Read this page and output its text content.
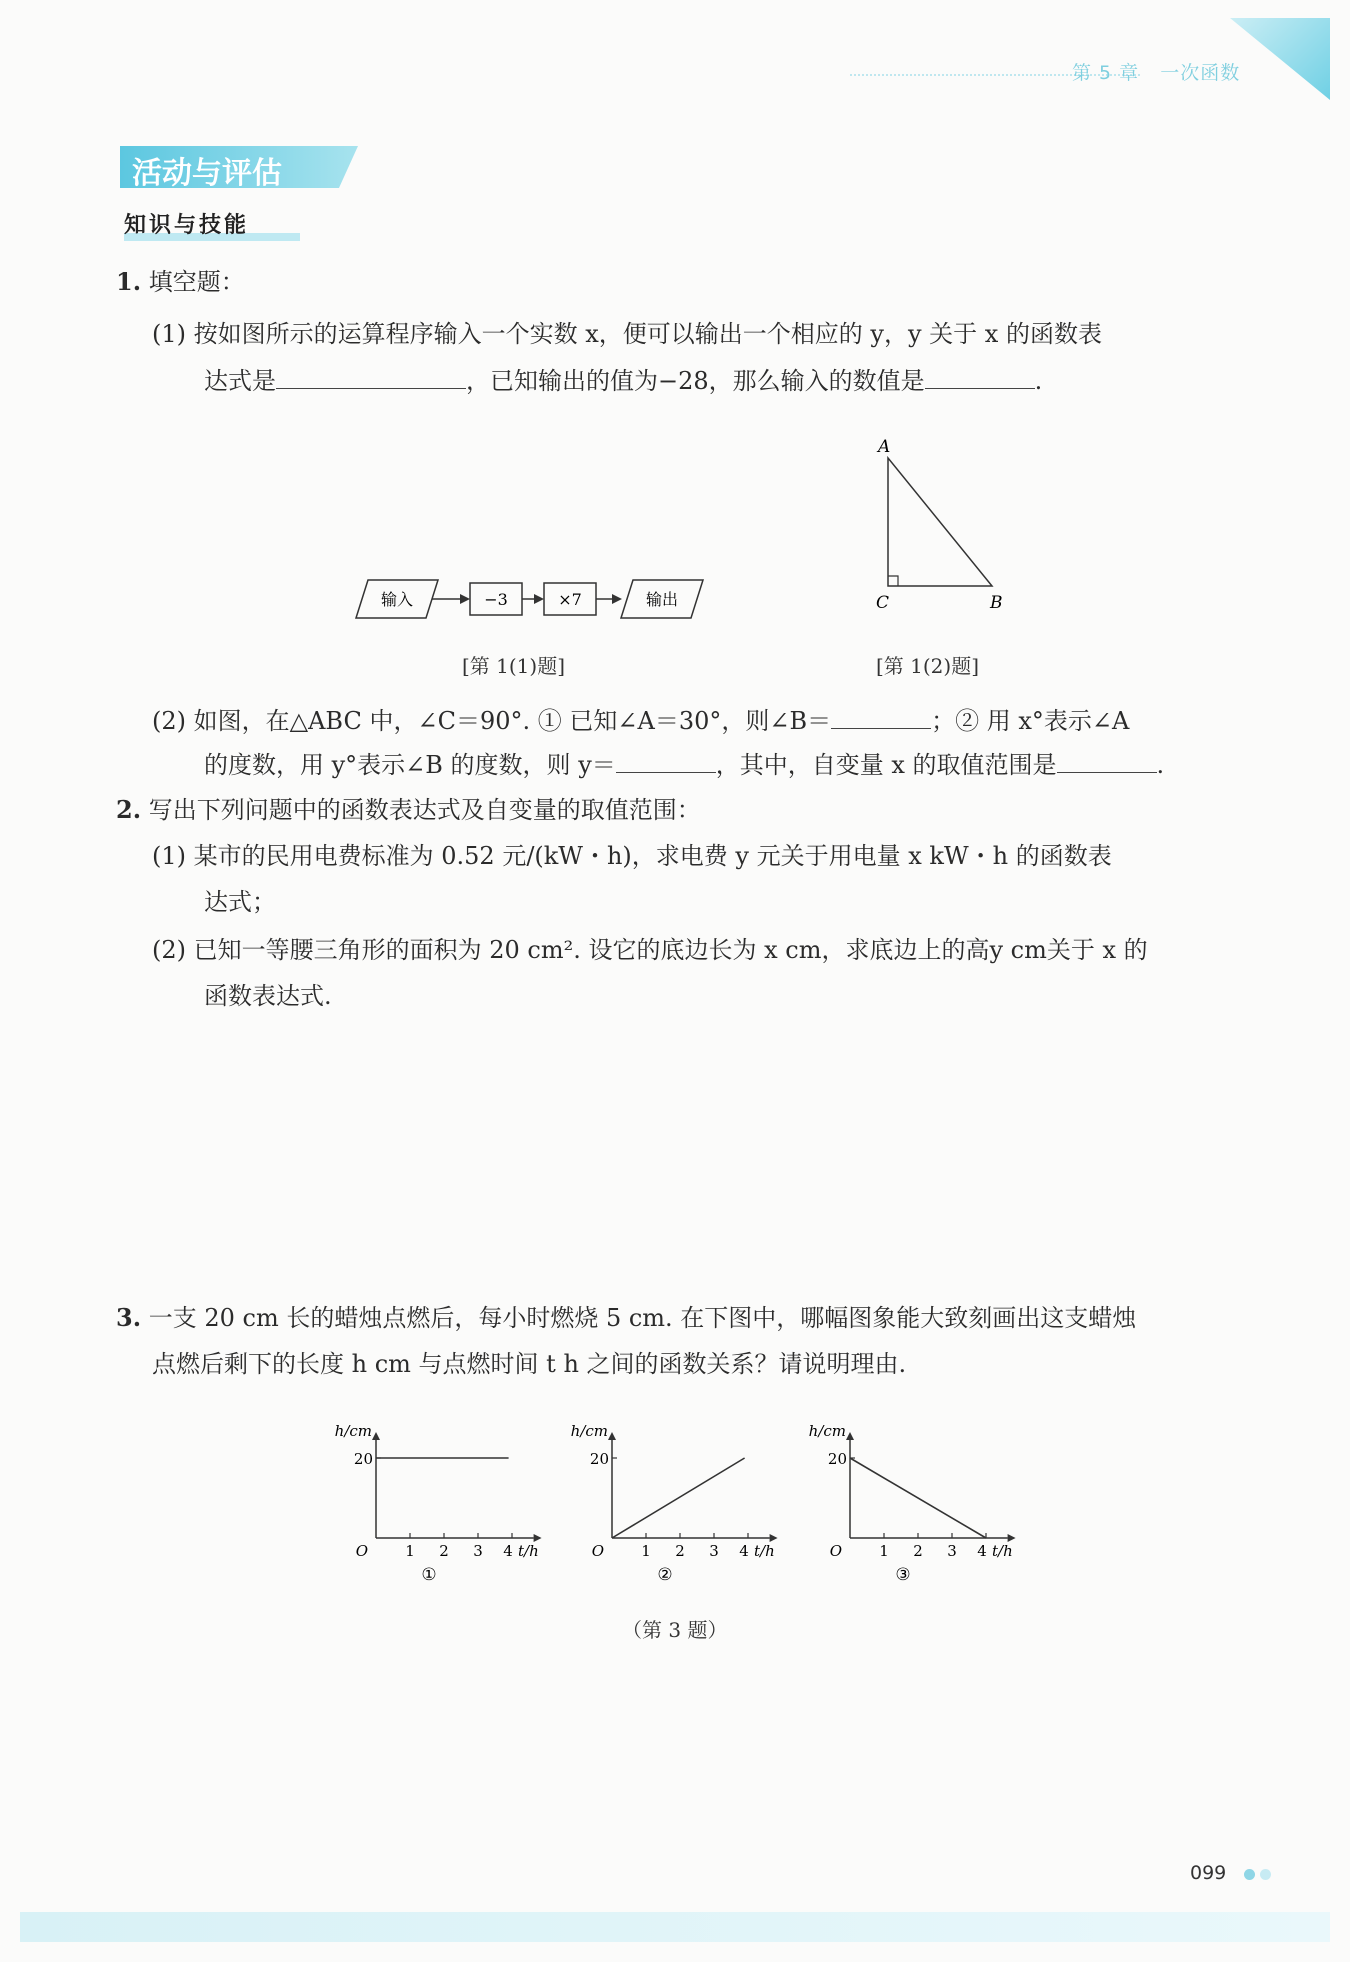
第 5 章 一次函数
活动与评估
知识与技能
1. 填空题：
(1) 按如图所示的运算程序输入一个实数 x，便可以输出一个相应的 y，y 关于 x 的函数表
达式是	，已知输出的值为−28，那么输入的数值是	.
输入	−3	×7	输出
[第 1(1)题]
A
C	B
[第 1(2)题]
(2) 如图，在△ABC 中，∠C＝90°. ① 已知∠A＝30°，则∠B＝	；② 用 x°表示∠A
的度数，用 y°表示∠B 的度数，则 y＝	，其中，自变量 x 的取值范围是	.
2. 写出下列问题中的函数表达式及自变量的取值范围：
(1) 某市的民用电费标准为 0.52 元/(kW・h)，求电费 y 元关于用电量 x kW・h 的函数表
达式；
(2) 已知一等腰三角形的面积为 20 cm². 设它的底边长为 x cm，求底边上的高y cm关于 x 的
函数表达式.
3. 一支 20 cm 长的蜡烛点燃后，每小时燃烧 5 cm. 在下图中，哪幅图象能大致刻画出这支蜡烛
点燃后剩下的长度 h cm 与点燃时间 t h 之间的函数关系？请说明理由.
h/cm
O 1 2 3 4 t/h
20
①
h/cm
O 1 2 3 4 t/h
20
②
h/cm
O 1 2 3 4 t/h
20
③
（第 3 题）
099
